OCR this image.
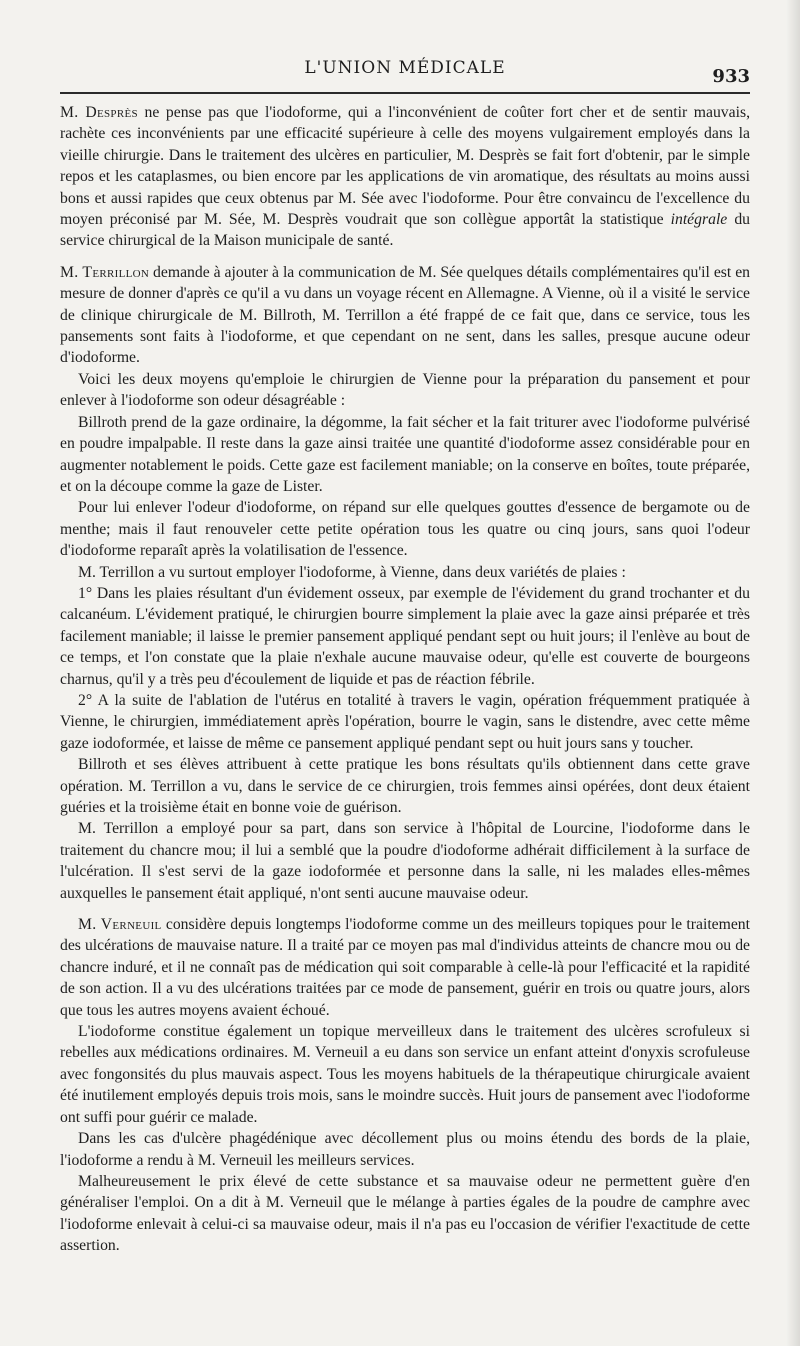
L'UNION MÉDICALE	933

M. Desprès ne pense pas que l'iodoforme, qui a l'inconvénient de coûter fort cher et de sentir mauvais, rachète ces inconvénients par une efficacité supérieure à celle des moyens vulgairement employés dans la vieille chirurgie. Dans le traitement des ulcères en particulier, M. Desprès se fait fort d'obtenir, par le simple repos et les cataplasmes, ou bien encore par les applications de vin aromatique, des résultats au moins aussi bons et aussi rapides que ceux obtenus par M. Sée avec l'iodoforme. Pour être convaincu de l'excellence du moyen préconisé par M. Sée, M. Desprès voudrait que son collègue apportât la statistique intégrale du service chirurgical de la Maison municipale de santé.

M. Terrillon demande à ajouter à la communication de M. Sée quelques détails complémentaires qu'il est en mesure de donner d'après ce qu'il a vu dans un voyage récent en Allemagne. A Vienne, où il a visité le service de clinique chirurgicale de M. Billroth, M. Terrillon a été frappé de ce fait que, dans ce service, tous les pansements sont faits à l'iodoforme, et que cependant on ne sent, dans les salles, presque aucune odeur d'iodoforme.

Voici les deux moyens qu'emploie le chirurgien de Vienne pour la préparation du pansement et pour enlever à l'iodoforme son odeur désagréable :

Billroth prend de la gaze ordinaire, la dégomme, la fait sécher et la fait triturer avec l'iodoforme pulvérisé en poudre impalpable. Il reste dans la gaze ainsi traitée une quantité d'iodoforme assez considérable pour en augmenter notablement le poids. Cette gaze est facilement maniable; on la conserve en boîtes, toute préparée, et on la découpe comme la gaze de Lister.

Pour lui enlever l'odeur d'iodoforme, on répand sur elle quelques gouttes d'essence de bergamote ou de menthe; mais il faut renouveler cette petite opération tous les quatre ou cinq jours, sans quoi l'odeur d'iodoforme reparaît après la volatilisation de l'essence.

M. Terrillon a vu surtout employer l'iodoforme, à Vienne, dans deux variétés de plaies :

1° Dans les plaies résultant d'un évidement osseux, par exemple de l'évidement du grand trochanter et du calcanéum. L'évidement pratiqué, le chirurgien bourre simplement la plaie avec la gaze ainsi préparée et très facilement maniable; il laisse le premier pansement appliqué pendant sept ou huit jours; il l'enlève au bout de ce temps, et l'on constate que la plaie n'exhale aucune mauvaise odeur, qu'elle est couverte de bourgeons charnus, qu'il y a très peu d'écoulement de liquide et pas de réaction fébrile.

2° A la suite de l'ablation de l'utérus en totalité à travers le vagin, opération fréquemment pratiquée à Vienne, le chirurgien, immédiatement après l'opération, bourre le vagin, sans le distendre, avec cette même gaze iodoformée, et laisse de même ce pansement appliqué pendant sept ou huit jours sans y toucher.

Billroth et ses élèves attribuent à cette pratique les bons résultats qu'ils obtiennent dans cette grave opération. M. Terrillon a vu, dans le service de ce chirurgien, trois femmes ainsi opérées, dont deux étaient guéries et la troisième était en bonne voie de guérison.

M. Terrillon a employé pour sa part, dans son service à l'hôpital de Lourcine, l'iodoforme dans le traitement du chancre mou; il lui a semblé que la poudre d'iodoforme adhérait difficilement à la surface de l'ulcération. Il s'est servi de la gaze iodoformée et personne dans la salle, ni les malades elles-mêmes auxquelles le pansement était appliqué, n'ont senti aucune mauvaise odeur.

M. Verneuil considère depuis longtemps l'iodoforme comme un des meilleurs topiques pour le traitement des ulcérations de mauvaise nature. Il a traité par ce moyen pas mal d'individus atteints de chancre mou ou de chancre induré, et il ne connaît pas de médication qui soit comparable à celle-là pour l'efficacité et la rapidité de son action. Il a vu des ulcérations traitées par ce mode de pansement, guérir en trois ou quatre jours, alors que tous les autres moyens avaient échoué.

L'iodoforme constitue également un topique merveilleux dans le traitement des ulcères scrofuleux si rebelles aux médications ordinaires. M. Verneuil a eu dans son service un enfant atteint d'onyxis scrofuleuse avec fongonsités du plus mauvais aspect. Tous les moyens habituels de la thérapeutique chirurgicale avaient été inutilement employés depuis trois mois, sans le moindre succès. Huit jours de pansement avec l'iodoforme ont suffi pour guérir ce malade.

Dans les cas d'ulcère phagédénique avec décollement plus ou moins étendu des bords de la plaie, l'iodoforme a rendu à M. Verneuil les meilleurs services.

Malheureusement le prix élevé de cette substance et sa mauvaise odeur ne permettent guère d'en généraliser l'emploi. On a dit à M. Verneuil que le mélange à parties égales de la poudre de camphre avec l'iodoforme enlevait à celui-ci sa mauvaise odeur, mais il n'a pas eu l'occasion de vérifier l'exactitude de cette assertion.
